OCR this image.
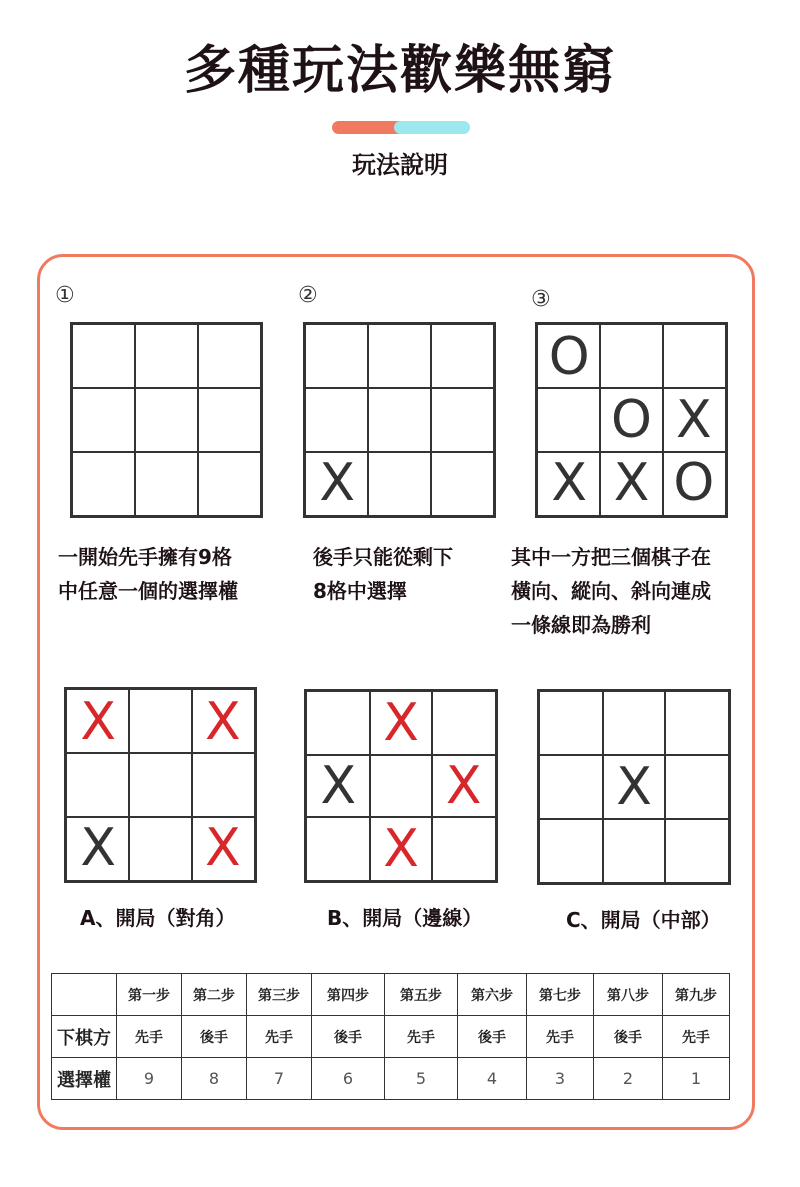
多種玩法歡樂無窮
玩法說明
①	②
X
③
O
O X
X X O
X X
X X
X
X X
X
X
一開始先手擁有9格
中任意一個的選擇權
後手只能從剩下
8格中選擇
其中一方把三個棋子在
橫向、縱向、斜向連成
一條線即為勝利
A、開局（對角）	B、開局（邊線）	C、開局（中部）
	第一步	第二步	第三步	第四步	第五步	第六步	第七步	第八步	第九步
下棋方	先手	後手	先手	後手	先手	後手	先手	後手	先手
選擇權	9	8	7	6	5	4	3	2	1
